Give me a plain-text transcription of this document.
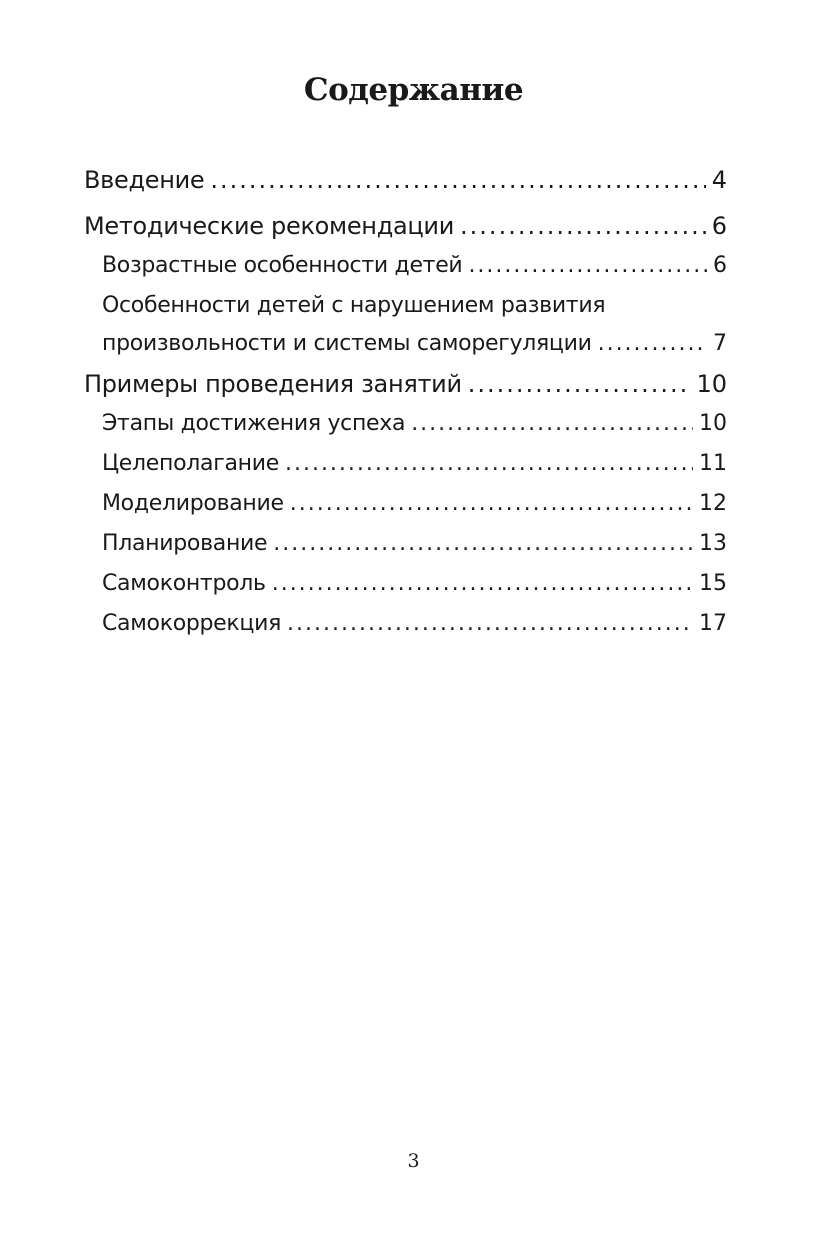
Содержание
Введение .....	4
Методические рекомендации .....	6
Возрастные особенности детей .....	6
Особенности детей с нарушением развития
произвольности и системы саморегуляции .....	7
Примеры проведения занятий .....	10
Этапы достижения успеха .....	10
Целеполагание .....	11
Моделирование .....	12
Планирование .....	13
Самоконтроль .....	15
Самокоррекция .....	17
3
